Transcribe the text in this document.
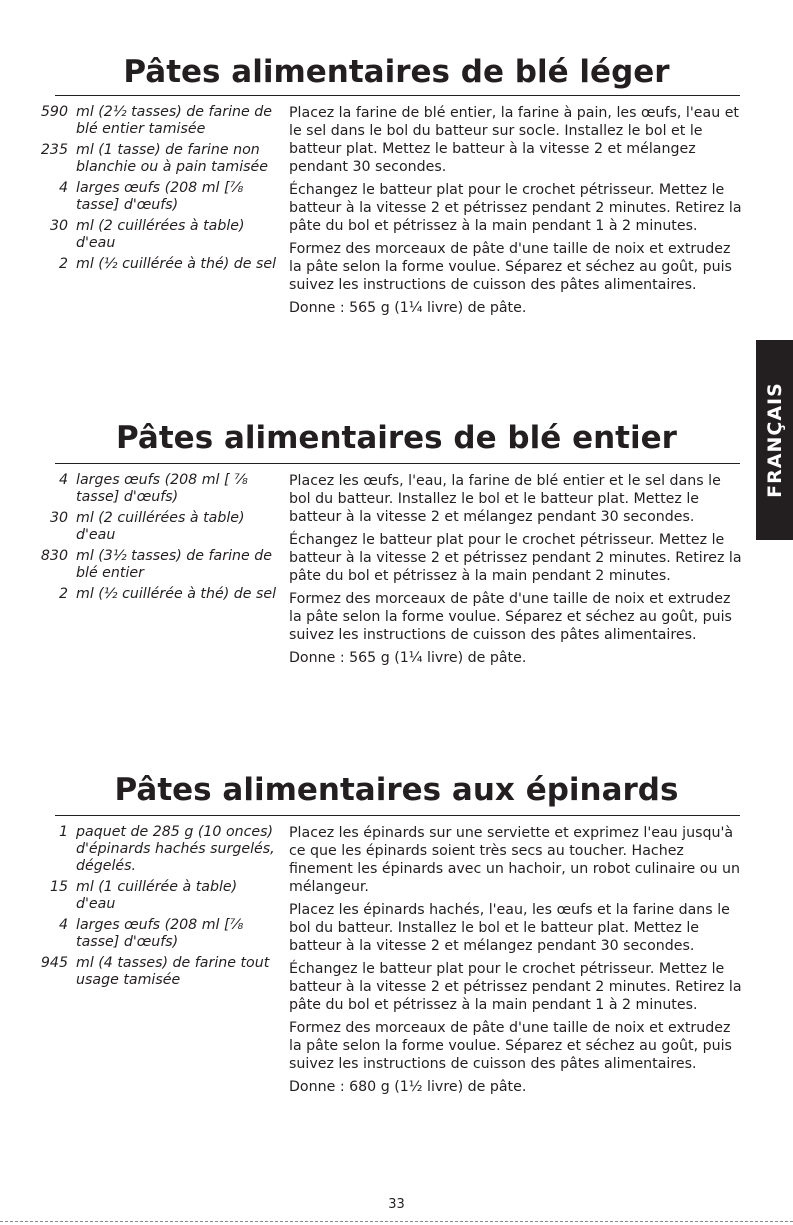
Pâtes alimentaires de blé léger
590 ml (2½ tasses) de farine de blé entier tamisée
235 ml (1 tasse) de farine non blanchie ou à pain tamisée
4 larges œufs (208 ml [⅞ tasse] d'œufs)
30 ml (2 cuillérées à table) d'eau
2 ml (½ cuillérée à thé) de sel

Placez la farine de blé entier, la farine à pain, les œufs, l'eau et le sel dans le bol du batteur sur socle. Installez le bol et le batteur plat. Mettez le batteur à la vitesse 2 et mélangez pendant 30 secondes.

Échangez le batteur plat pour le crochet pétrisseur. Mettez le batteur à la vitesse 2 et pétrissez pendant 2 minutes. Retirez la pâte du bol et pétrissez à la main pendant 1 à 2 minutes.

Formez des morceaux de pâte d'une taille de noix et extrudez la pâte selon la forme voulue. Séparez et séchez au goût, puis suivez les instructions de cuisson des pâtes alimentaires.

Donne : 565 g (1¼ livre) de pâte.

Pâtes alimentaires de blé entier
4 larges œufs (208 ml [ ⅞ tasse] d'œufs)
30 ml (2 cuillérées à table) d'eau
830 ml (3½ tasses) de farine de blé entier
2 ml (½ cuillérée à thé) de sel

Placez les œufs, l'eau, la farine de blé entier et le sel dans le bol du batteur. Installez le bol et le batteur plat. Mettez le batteur à la vitesse 2 et mélangez pendant 30 secondes.

Échangez le batteur plat pour le crochet pétrisseur. Mettez le batteur à la vitesse 2 et pétrissez pendant 2 minutes. Retirez la pâte du bol et pétrissez à la main pendant 2 minutes.

Formez des morceaux de pâte d'une taille de noix et extrudez la pâte selon la forme voulue. Séparez et séchez au goût, puis suivez les instructions de cuisson des pâtes alimentaires.

Donne : 565 g (1¼ livre) de pâte.

Pâtes alimentaires aux épinards
1 paquet de 285 g (10 onces) d'épinards hachés surgelés, dégelés.
15 ml (1 cuillérée à table) d'eau
4 larges œufs (208 ml [⅞ tasse] d'œufs)
945 ml (4 tasses) de farine tout usage tamisée

Placez les épinards sur une serviette et exprimez l'eau jusqu'à ce que les épinards soient très secs au toucher. Hachez finement les épinards avec un hachoir, un robot culinaire ou un mélangeur.

Placez les épinards hachés, l'eau, les œufs et la farine dans le bol du batteur. Installez le bol et le batteur plat. Mettez le batteur à la vitesse 2 et mélangez pendant 30 secondes.

Échangez le batteur plat pour le crochet pétrisseur. Mettez le batteur à la vitesse 2 et pétrissez pendant 2 minutes. Retirez la pâte du bol et pétrissez à la main pendant 1 à 2 minutes.

Formez des morceaux de pâte d'une taille de noix et extrudez la pâte selon la forme voulue. Séparez et séchez au goût, puis suivez les instructions de cuisson des pâtes alimentaires.

Donne : 680 g (1½ livre) de pâte.

FRANÇAIS
33
